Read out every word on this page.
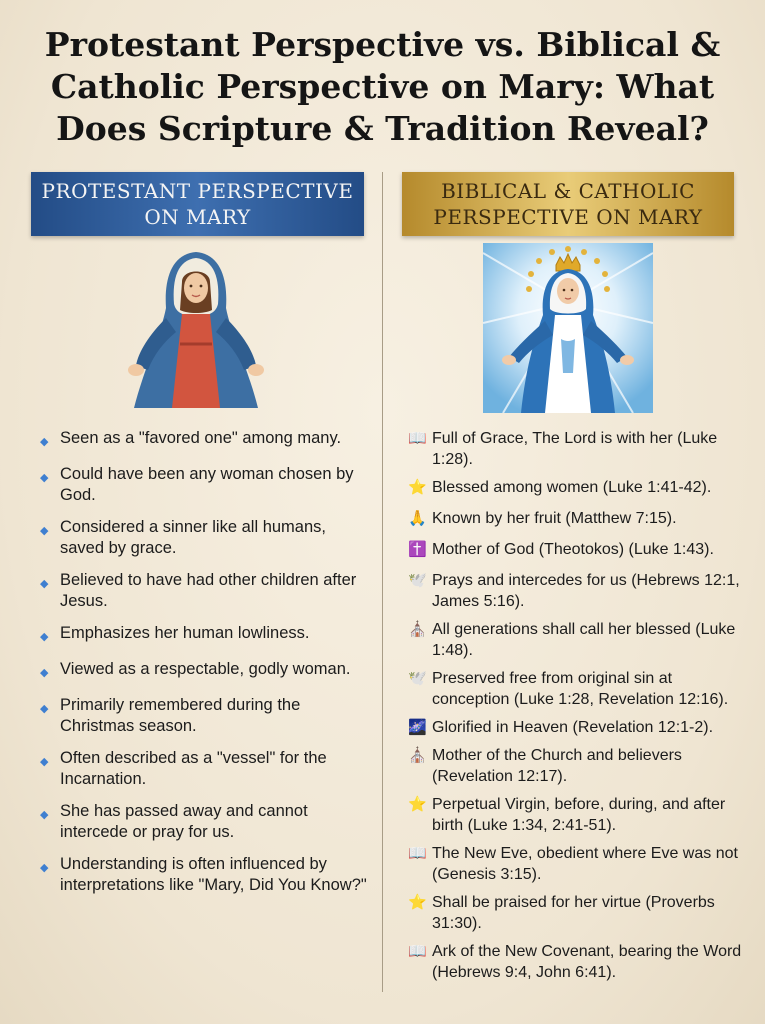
Protestant Perspective vs. Biblical & Catholic Perspective on Mary: What Does Scripture & Tradition Reveal?
PROTESTANT PERSPECTIVE ON MARY
BIBLICAL & CATHOLIC PERSPECTIVE ON MARY
◆ Seen as a "favored one" among many.
◆ Could have been any woman chosen by God.
◆ Considered a sinner like all humans, saved by grace.
◆ Believed to have had other children after Jesus.
◆ Emphasizes her human lowliness.
◆ Viewed as a respectable, godly woman.
◆ Primarily remembered during the Christmas season.
◆ Often described as a "vessel" for the Incarnation.
◆ She has passed away and cannot intercede or pray for us.
◆ Understanding is often influenced by interpretations like "Mary, Did You Know?"
📖 Full of Grace, The Lord is with her (Luke 1:28).
⭐ Blessed among women (Luke 1:41-42).
🙏 Known by her fruit (Matthew 7:15).
✝️ Mother of God (Theotokos) (Luke 1:43).
🕊️ Prays and intercedes for us (Hebrews 12:1, James 5:16).
⛪ All generations shall call her blessed (Luke 1:48).
🕊️ Preserved free from original sin at conception (Luke 1:28, Revelation 12:16).
🌌 Glorified in Heaven (Revelation 12:1-2).
⛪ Mother of the Church and believers (Revelation 12:17).
⭐ Perpetual Virgin, before, during, and after birth (Luke 1:34, 2:41-51).
📖 The New Eve, obedient where Eve was not (Genesis 3:15).
⭐ Shall be praised for her virtue (Proverbs 31:30).
📖 Ark of the New Covenant, bearing the Word (Hebrews 9:4, John 6:41).
